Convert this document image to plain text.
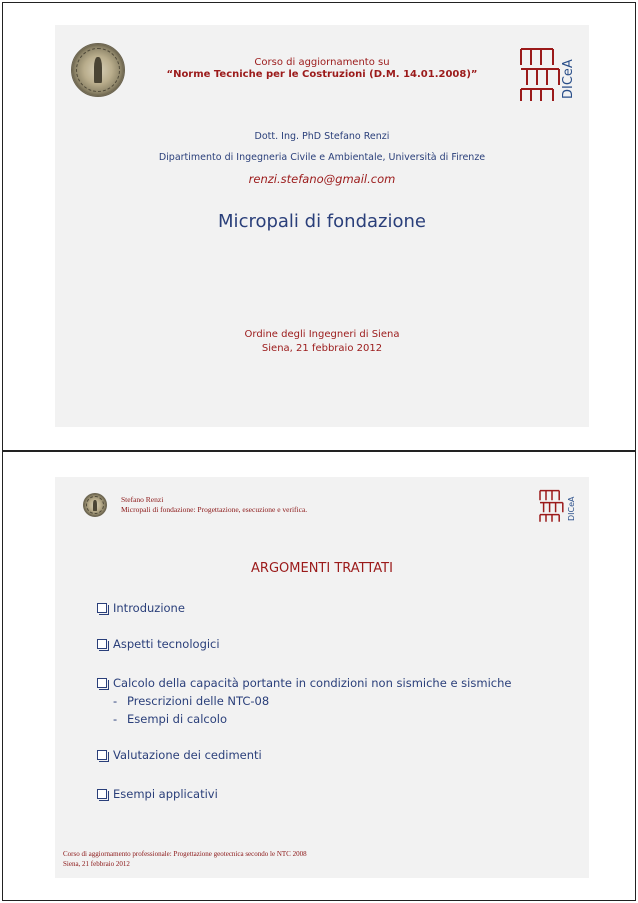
DICeA
Corso di aggiornamento su
“Norme Tecniche per le Costruzioni (D.M. 14.01.2008)”
Dott. Ing. PhD Stefano Renzi
Dipartimento di Ingegneria Civile e Ambientale, Università di Firenze
renzi.stefano@gmail.com
Micropali di fondazione
Ordine degli Ingegneri di Siena
Siena, 21 febbraio 2012
Stefano Renzi
Micropali di fondazione: Progettazione, esecuzione e verifica.	DICeA
ARGOMENTI TRATTATI
Introduzione
Aspetti tecnologici
Calcolo della capacità portante in condizioni non sismiche e sismiche
- Prescrizioni delle NTC-08
- Esempi di calcolo
Valutazione dei cedimenti
Esempi applicativi
Corso di aggiornamento professionale: Progettazione geotecnica secondo le NTC 2008
Siena, 21 febbraio 2012
